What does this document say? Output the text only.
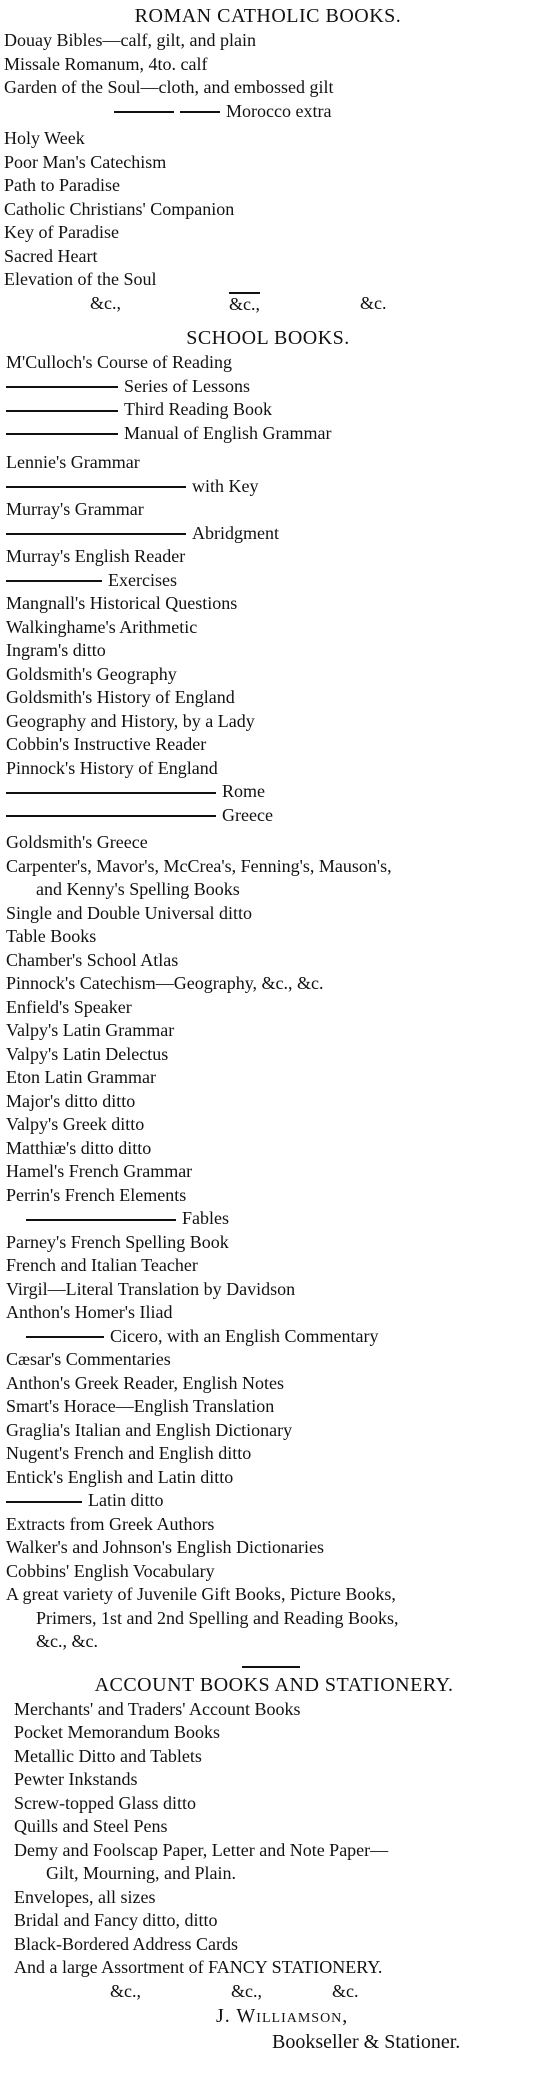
ROMAN CATHOLIC BOOKS.
Douay Bibles—calf, gilt, and plain
Missale Romanum, 4to. calf
Garden of the Soul—cloth, and embossed gilt
Morocco extra
Holy Week
Poor Man's Catechism
Path to Paradise
Catholic Christians' Companion
Key of Paradise
Sacred Heart
Elevation of the Soul
&c.,	&c.,	&c.
SCHOOL BOOKS.
M'Culloch's Course of Reading
Series of Lessons
Third Reading Book
Manual of English Grammar
Lennie's Grammar
with Key
Murray's Grammar
Abridgment
Murray's English Reader
Exercises
Mangnall's Historical Questions
Walkinghame's Arithmetic
Ingram's ditto
Goldsmith's Geography
Goldsmith's History of England
Geography and History, by a Lady
Cobbin's Instructive Reader
Pinnock's History of England
Rome
Greece
Goldsmith's Greece
Carpenter's, Mavor's, McCrea's, Fenning's, Mauson's,
and Kenny's Spelling Books
Single and Double Universal ditto
Table Books
Chamber's School Atlas
Pinnock's Catechism—Geography, &c., &c.
Enfield's Speaker
Valpy's Latin Grammar
Valpy's Latin Delectus
Eton Latin Grammar
Major's ditto ditto
Valpy's Greek ditto
Matthiæ's ditto ditto
Hamel's French Grammar
Perrin's French Elements
Fables
Parney's French Spelling Book
French and Italian Teacher
Virgil—Literal Translation by Davidson
Anthon's Homer's Iliad
Cicero, with an English Commentary
Cæsar's Commentaries
Anthon's Greek Reader, English Notes
Smart's Horace—English Translation
Graglia's Italian and English Dictionary
Nugent's French and English ditto
Entick's English and Latin ditto
Latin ditto
Extracts from Greek Authors
Walker's and Johnson's English Dictionaries
Cobbins' English Vocabulary
A great variety of Juvenile Gift Books, Picture Books,
Primers, 1st and 2nd Spelling and Reading Books,
&c., &c.
ACCOUNT BOOKS AND STATIONERY.
Merchants' and Traders' Account Books
Pocket Memorandum Books
Metallic Ditto and Tablets
Pewter Inkstands
Screw-topped Glass ditto
Quills and Steel Pens
Demy and Foolscap Paper, Letter and Note Paper—
Gilt, Mourning, and Plain.
Envelopes, all sizes
Bridal and Fancy ditto, ditto
Black-Bordered Address Cards
And a large Assortment of FANCY STATIONERY.
&c.,	&c.,	&c.
J. Williamson,
Bookseller & Stationer.
